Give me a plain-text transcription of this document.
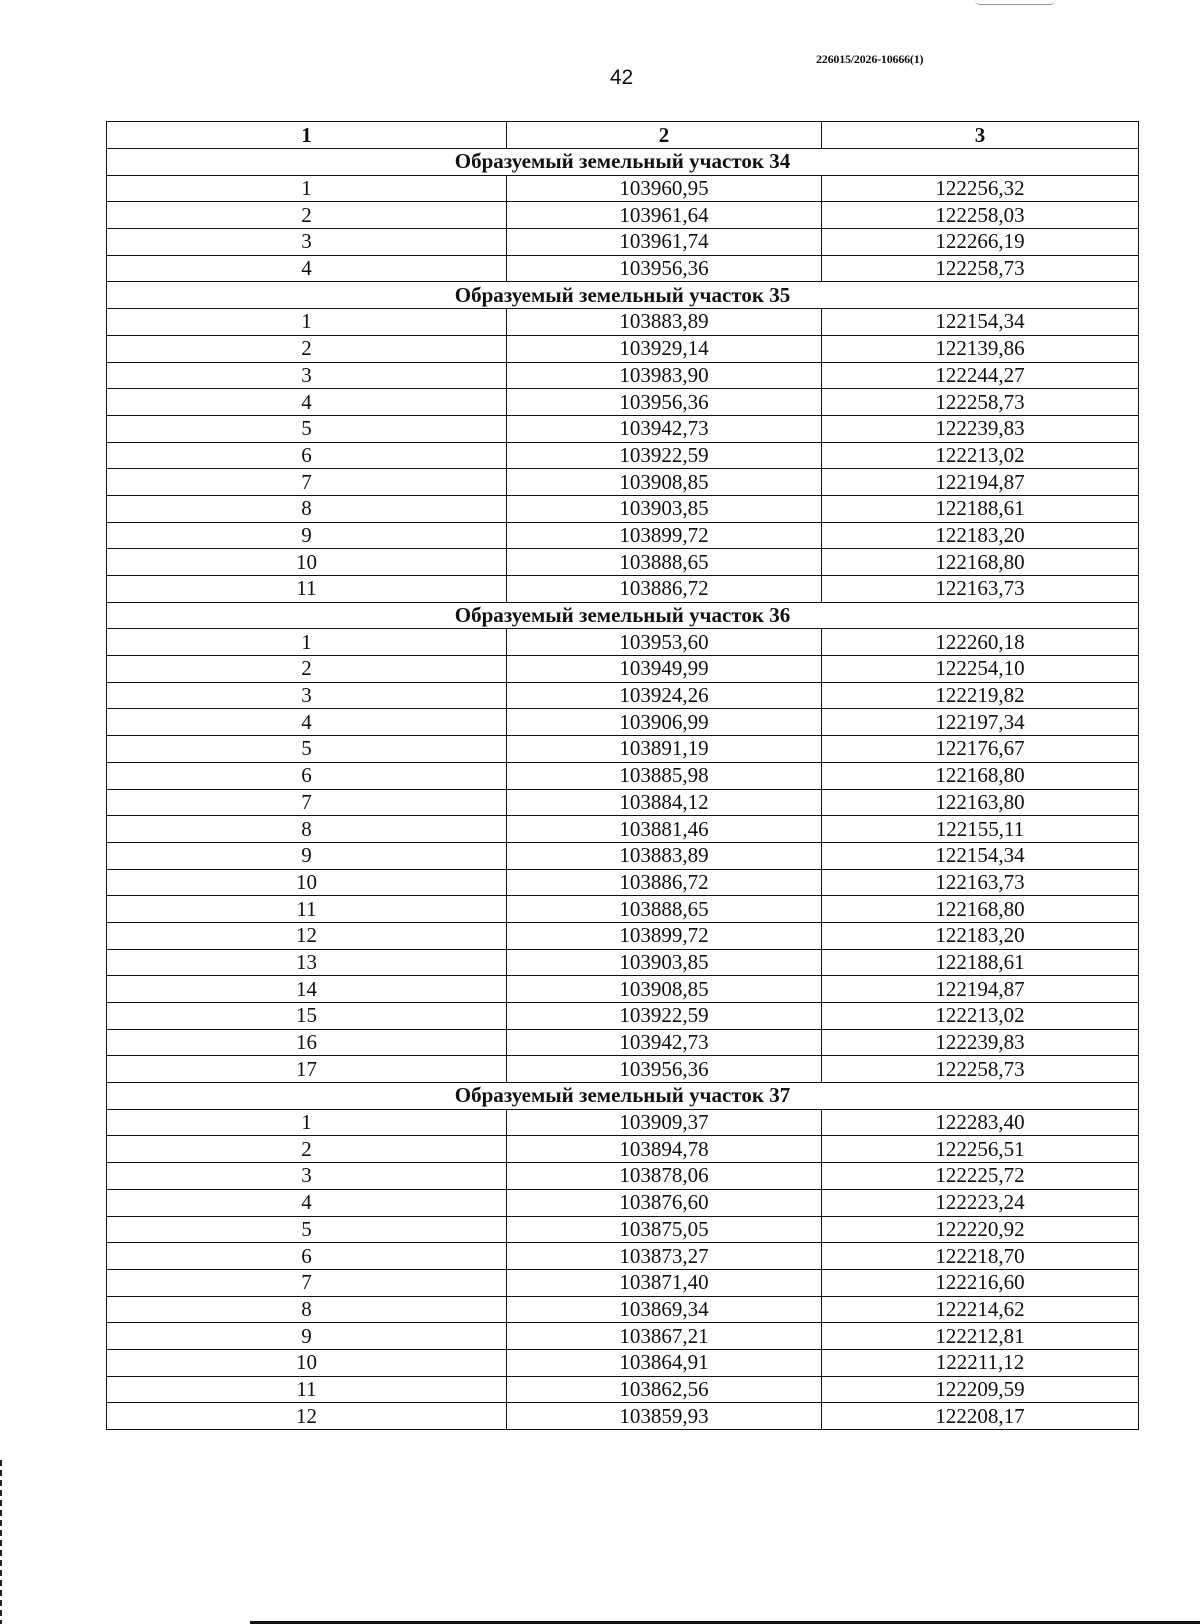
226015/2026-10666(1)
42
1	2	3
Образуемый земельный участок 34		
1	103960,95	122256,32
2	103961,64	122258,03
3	103961,74	122266,19
4	103956,36	122258,73
Образуемый земельный участок 35		
1	103883,89	122154,34
2	103929,14	122139,86
3	103983,90	122244,27
4	103956,36	122258,73
5	103942,73	122239,83
6	103922,59	122213,02
7	103908,85	122194,87
8	103903,85	122188,61
9	103899,72	122183,20
10	103888,65	122168,80
11	103886,72	122163,73
Образуемый земельный участок 36		
1	103953,60	122260,18
2	103949,99	122254,10
3	103924,26	122219,82
4	103906,99	122197,34
5	103891,19	122176,67
6	103885,98	122168,80
7	103884,12	122163,80
8	103881,46	122155,11
9	103883,89	122154,34
10	103886,72	122163,73
11	103888,65	122168,80
12	103899,72	122183,20
13	103903,85	122188,61
14	103908,85	122194,87
15	103922,59	122213,02
16	103942,73	122239,83
17	103956,36	122258,73
Образуемый земельный участок 37		
1	103909,37	122283,40
2	103894,78	122256,51
3	103878,06	122225,72
4	103876,60	122223,24
5	103875,05	122220,92
6	103873,27	122218,70
7	103871,40	122216,60
8	103869,34	122214,62
9	103867,21	122212,81
10	103864,91	122211,12
11	103862,56	122209,59
12	103859,93	122208,17
